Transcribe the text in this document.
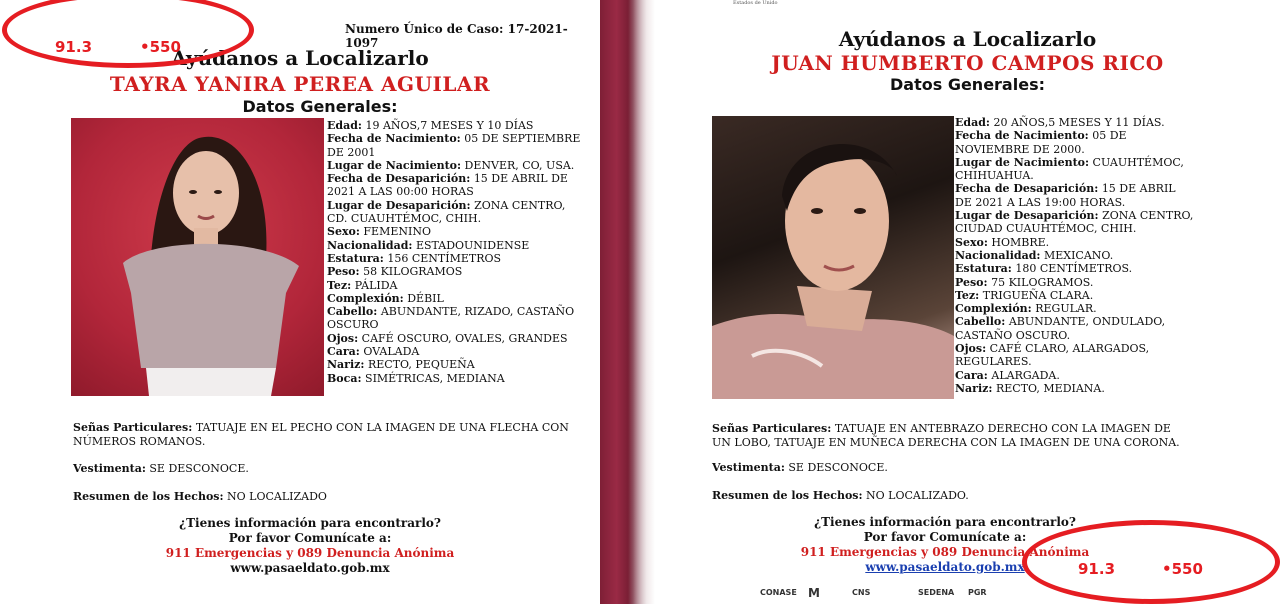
Numero Único de Caso: 17-2021-1097
Ayúdanos a Localizarlo
TAYRA YANIRA PEREA AGUILAR
Datos Generales:
Edad: 19 AÑOS,7 MESES Y 10 DÍAS
Fecha de Nacimiento: 05 DE SEPTIEMBRE DE 2001
Lugar de Nacimiento: DENVER, CO, USA.
Fecha de Desaparición: 15 DE ABRIL DE 2021 A LAS 00:00 HORAS
Lugar de Desaparición: ZONA CENTRO, CD. CUAUHTÉMOC, CHIH.
Sexo: FEMENINO
Nacionalidad: ESTADOUNIDENSE
Estatura: 156 CENTÍMETROS
Peso: 58 KILOGRAMOS
Tez: PÁLIDA
Complexión: DÉBIL
Cabello: ABUNDANTE, RIZADO, CASTAÑO OSCURO
Ojos: CAFÉ OSCURO, OVALES, GRANDES
Cara: OVALADA
Nariz: RECTO, PEQUEÑA
Boca: SIMÉTRICAS, MEDIANA
Señas Particulares: TATUAJE EN EL PECHO CON LA IMAGEN DE UNA FLECHA CON NÚMEROS ROMANOS.
Vestimenta: SE DESCONOCE.
Resumen de los Hechos: NO LOCALIZADO
¿Tienes información para encontrarlo?
Por favor Comunícate a:
911 Emergencias y 089 Denuncia Anónima
www.pasaeldato.gob.mx
Estados de Unido
Ayúdanos a Localizarlo
JUAN HUMBERTO CAMPOS RICO
Datos Generales:
Edad: 20 AÑOS,5 MESES Y 11 DÍAS.
Fecha de Nacimiento: 05 DE NOVIEMBRE DE 2000.
Lugar de Nacimiento: CUAUHTÉMOC, CHIHUAHUA.
Fecha de Desaparición: 15 DE ABRIL DE 2021 A LAS 19:00 HORAS.
Lugar de Desaparición: ZONA CENTRO, CIUDAD CUAUHTÉMOC, CHIH.
Sexo: HOMBRE.
Nacionalidad: MEXICANO.
Estatura: 180 CENTÍMETROS.
Peso: 75 KILOGRAMOS.
Tez: TRIGUEÑA CLARA.
Complexión: REGULAR.
Cabello: ABUNDANTE, ONDULADO, CASTAÑO OSCURO.
Ojos: CAFÉ CLARO, ALARGADOS, REGULARES.
Cara: ALARGADA.
Nariz: RECTO, MEDIANA.
Señas Particulares: TATUAJE EN ANTEBRAZO DERECHO CON LA IMAGEN DE UN LOBO, TATUAJE EN MUÑECA DERECHA CON LA IMAGEN DE UNA CORONA.
Vestimenta: SE DESCONOCE.
Resumen de los Hechos: NO LOCALIZADO.
¿Tienes información para encontrarlo?
Por favor Comunícate a:
911 Emergencias y 089 Denuncia Anónima
www.pasaeldato.gob.mx
CONASE M	CNS	SEDENA PGR
91.3	•550
91.3	•550
